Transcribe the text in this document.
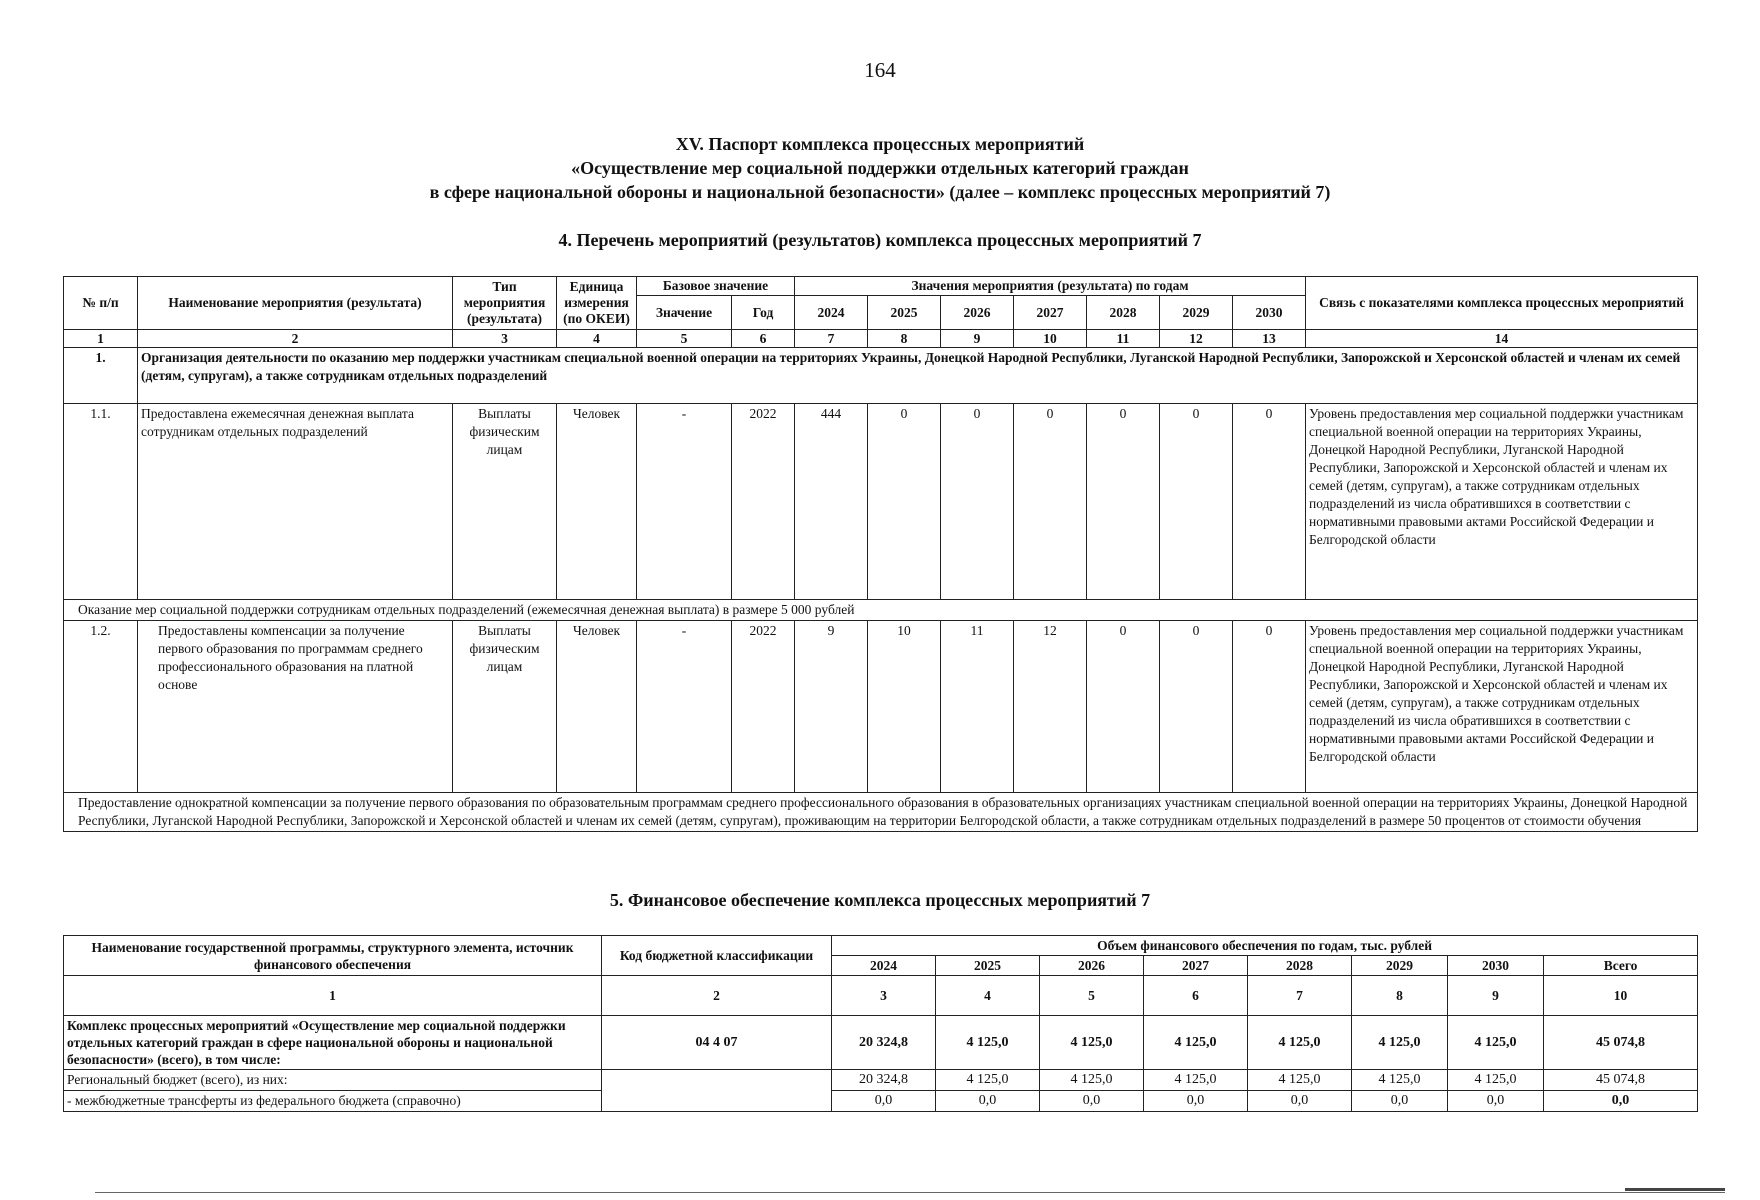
164
XV. Паспорт комплекса процессных мероприятий
«Осуществление мер социальной поддержки отдельных категорий граждан
в сфере национальной обороны и национальной безопасности» (далее – комплекс процессных мероприятий 7)
4. Перечень мероприятий (результатов) комплекса процессных мероприятий 7
№ п/п	Наименование мероприятия (результата)	Тип мероприятия (результата)	Единица измерения (по ОКЕИ)	Базовое значение		Значения мероприятия (результата) по годам							Связь с показателями комплекса процессных мероприятий
				Значение	Год	2024	2025	2026	2027	2028	2029	2030	
1	2	3	4	5	6	7	8	9	10	11	12	13	14
1.	Организация деятельности по оказанию мер поддержки участникам специальной военной операции на территориях Украины, Донецкой Народной Республики, Луганской Народной Республики, Запорожской и Херсонской областей и членам их семей (детям, супругам), а также сотрудникам отдельных подразделений												
1.1.	Предоставлена ежемесячная денежная выплата сотрудникам отдельных подразделений	Выплаты физическим лицам	Человек	-	2022	444	0	0	0	0	0	0	Уровень предоставления мер социальной поддержки участникам специальной военной операции на территориях Украины, Донецкой Народной Республики, Луганской Народной Республики, Запорожской и Херсонской областей и членам их семей (детям, супругам), а также сотрудникам отдельных подразделений из числа обратившихся в соответствии с нормативными правовыми актами Российской Федерации и Белгородской области
Оказание мер социальной поддержки сотрудникам отдельных подразделений (ежемесячная денежная выплата) в размере 5 000 рублей													
1.2.	Предоставлены компенсации за получение первого образования по программам среднего профессионального образования на платной основе	Выплаты физическим лицам	Человек	-	2022	9	10	11	12	0	0	0	Уровень предоставления мер социальной поддержки участникам специальной военной операции на территориях Украины, Донецкой Народной Республики, Луганской Народной Республики, Запорожской и Херсонской областей и членам их семей (детям, супругам), а также сотрудникам отдельных подразделений из числа обратившихся в соответствии с нормативными правовыми актами Российской Федерации и Белгородской области
Предоставление однократной компенсации за получение первого образования по образовательным программам среднего профессионального образования в образовательных организациях участникам специальной военной операции на территориях Украины, Донецкой Народной Республики, Луганской Народной Республики, Запорожской и Херсонской областей и членам их семей (детям, супругам), проживающим на территории Белгородской области, а также сотрудникам отдельных подразделений в размере 50 процентов от стоимости обучения													
5. Финансовое обеспечение комплекса процессных мероприятий 7
Наименование государственной программы, структурного элемента, источник финансового обеспечения	Код бюджетной классификации	Объем финансового обеспечения по годам, тыс. рублей							
		2024	2025	2026	2027	2028	2029	2030	Всего
1	2	3	4	5	6	7	8	9	10
Комплекс процессных мероприятий «Осуществление мер социальной поддержки отдельных категорий граждан в сфере национальной обороны и национальной безопасности» (всего), в том числе:	04 4 07	20 324,8	4 125,0	4 125,0	4 125,0	4 125,0	4 125,0	4 125,0	45 074,8
Региональный бюджет (всего), из них:		20 324,8	4 125,0	4 125,0	4 125,0	4 125,0	4 125,0	4 125,0	45 074,8
- межбюджетные трансферты из федерального бюджета (справочно)		0,0	0,0	0,0	0,0	0,0	0,0	0,0	0,0
